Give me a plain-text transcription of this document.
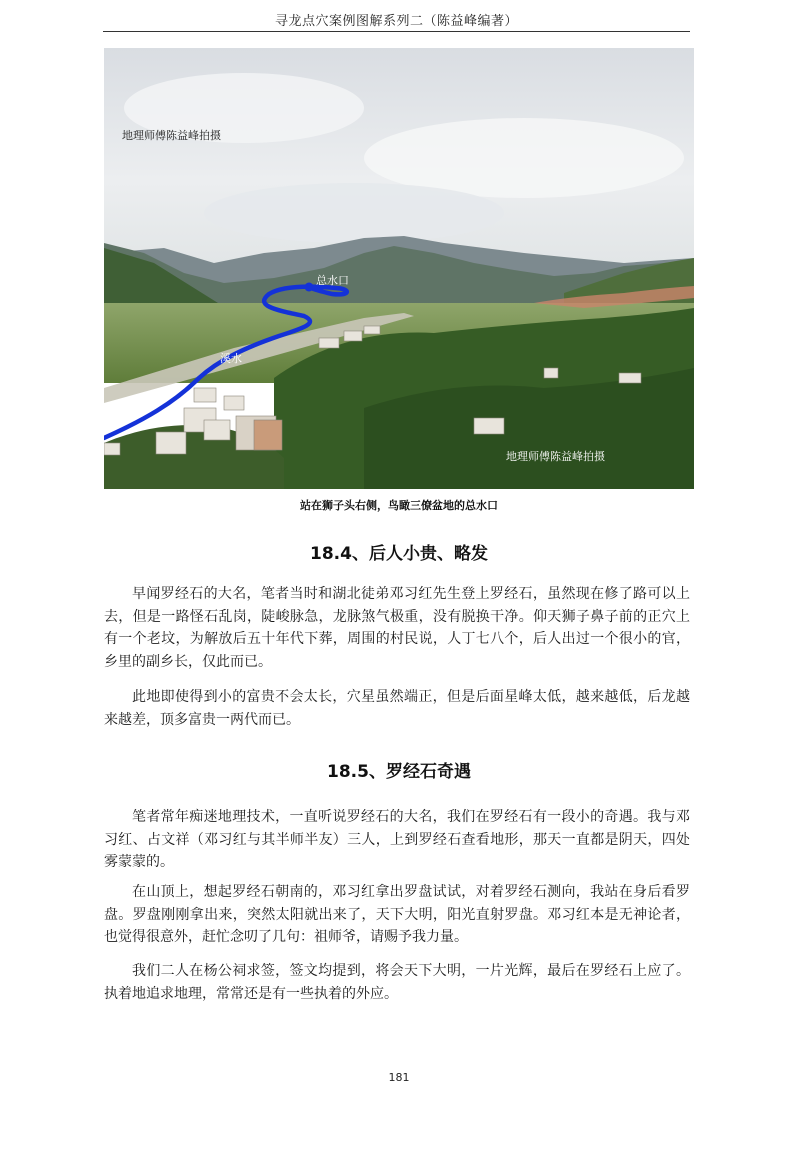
寻龙点穴案例图解系列二（陈益峰编著）
地理师傅陈益峰拍摄
地理师傅陈益峰拍摄
总水口
溪水
站在狮子头右侧，鸟瞰三僚盆地的总水口
18.4、后人小贵、略发

早闻罗经石的大名，笔者当时和湖北徒弟邓习红先生登上罗经石，虽然现在修了路可以上去，但是一路怪石乱岗，陡峻脉急，龙脉煞气极重，没有脱换干净。仰天狮子鼻子前的正穴上有一个老坟，为解放后五十年代下葬，周围的村民说，人丁七八个，后人出过一个很小的官，乡里的副乡长，仅此而已。

此地即使得到小的富贵不会太长，穴星虽然端正，但是后面星峰太低，越来越低，后龙越来越差，顶多富贵一两代而已。

18.5、罗经石奇遇

笔者常年痴迷地理技术，一直听说罗经石的大名，我们在罗经石有一段小的奇遇。我与邓习红、占文祥（邓习红与其半师半友）三人，上到罗经石查看地形，那天一直都是阴天，四处雾蒙蒙的。

在山顶上，想起罗经石朝南的，邓习红拿出罗盘试试，对着罗经石测向，我站在身后看罗盘。罗盘刚刚拿出来，突然太阳就出来了，天下大明，阳光直射罗盘。邓习红本是无神论者，也觉得很意外，赶忙念叨了几句：祖师爷，请赐予我力量。

我们二人在杨公祠求签，签文均提到，将会天下大明，一片光辉，最后在罗经石上应了。执着地追求地理，常常还是有一些执着的外应。

181
